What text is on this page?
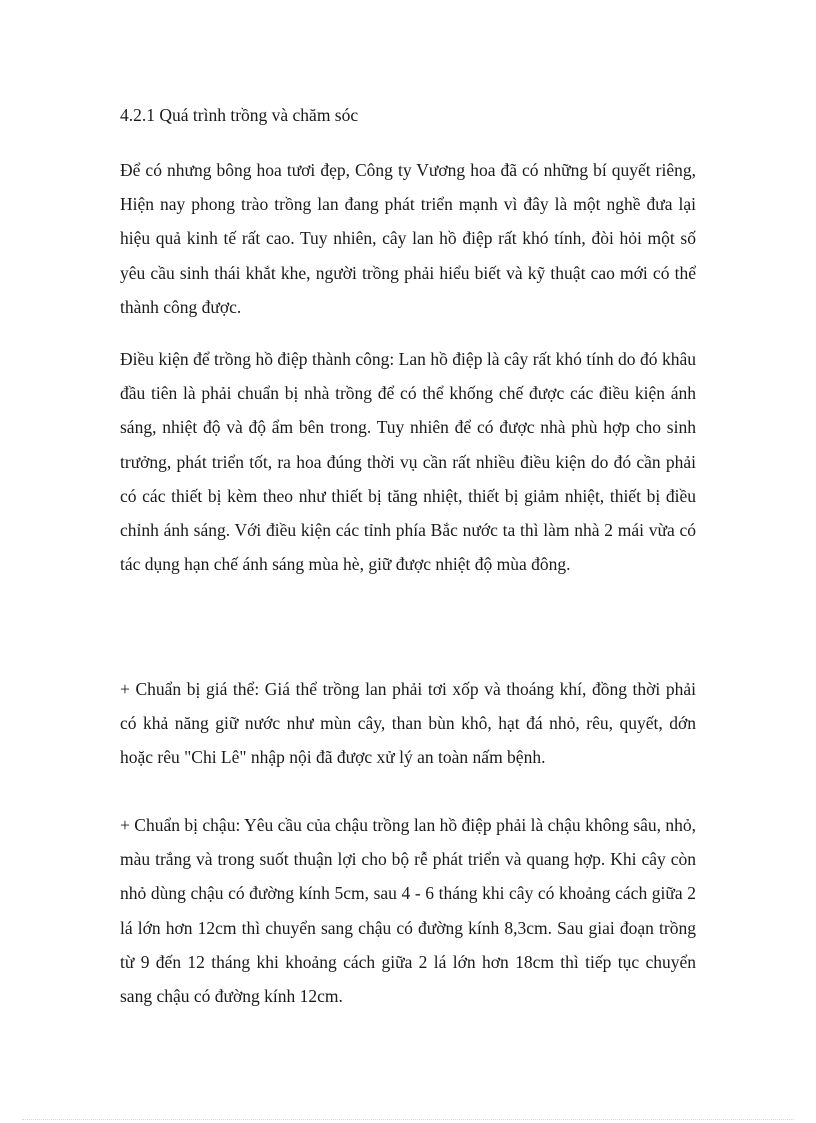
4.2.1 Quá trình trồng và chăm sóc

Để có nhưng bông hoa tươi đẹp, Công ty Vương hoa đã có những bí quyết riêng, Hiện nay phong trào trồng lan đang phát triển mạnh vì đây là một nghề đưa lại hiệu quả kinh tế rất cao. Tuy nhiên, cây lan hồ điệp rất khó tính, đòi hỏi một số yêu cầu sinh thái khắt khe, người trồng phải hiểu biết và kỹ thuật cao mới có thể thành công được.

Điều kiện để trồng hồ điệp thành công: Lan hồ điệp là cây rất khó tính do đó khâu đầu tiên là phải chuẩn bị nhà trồng để có thể khống chế được các điều kiện ánh sáng, nhiệt độ và độ ẩm bên trong. Tuy nhiên để có được nhà phù hợp cho sinh trưởng, phát triển tốt, ra hoa đúng thời vụ cần rất nhiều điều kiện do đó cần phải có các thiết bị kèm theo như thiết bị tăng nhiệt, thiết bị giảm nhiệt, thiết bị điều chỉnh ánh sáng. Với điều kiện các tỉnh phía Bắc nước ta thì làm nhà 2 mái vừa có tác dụng hạn chế ánh sáng mùa hè, giữ được nhiệt độ mùa đông.

+ Chuẩn bị giá thể: Giá thể trồng lan phải tơi xốp và thoáng khí, đồng thời phải có khả năng giữ nước như mùn cây, than bùn khô, hạt đá nhỏ, rêu, quyết, dớn hoặc rêu "Chi Lê" nhập nội đã được xử lý an toàn nấm bệnh.

+ Chuẩn bị chậu: Yêu cầu của chậu trồng lan hồ điệp phải là chậu không sâu, nhỏ, màu trắng và trong suốt thuận lợi cho bộ rễ phát triển và quang hợp. Khi cây còn nhỏ dùng chậu có đường kính 5cm, sau 4 - 6 tháng khi cây có khoảng cách giữa 2 lá lớn hơn 12cm thì chuyển sang chậu có đường kính 8,3cm. Sau giai đoạn trồng từ 9 đến 12 tháng khi khoảng cách giữa 2 lá lớn hơn 18cm thì tiếp tục chuyển sang chậu có đường kính 12cm.
